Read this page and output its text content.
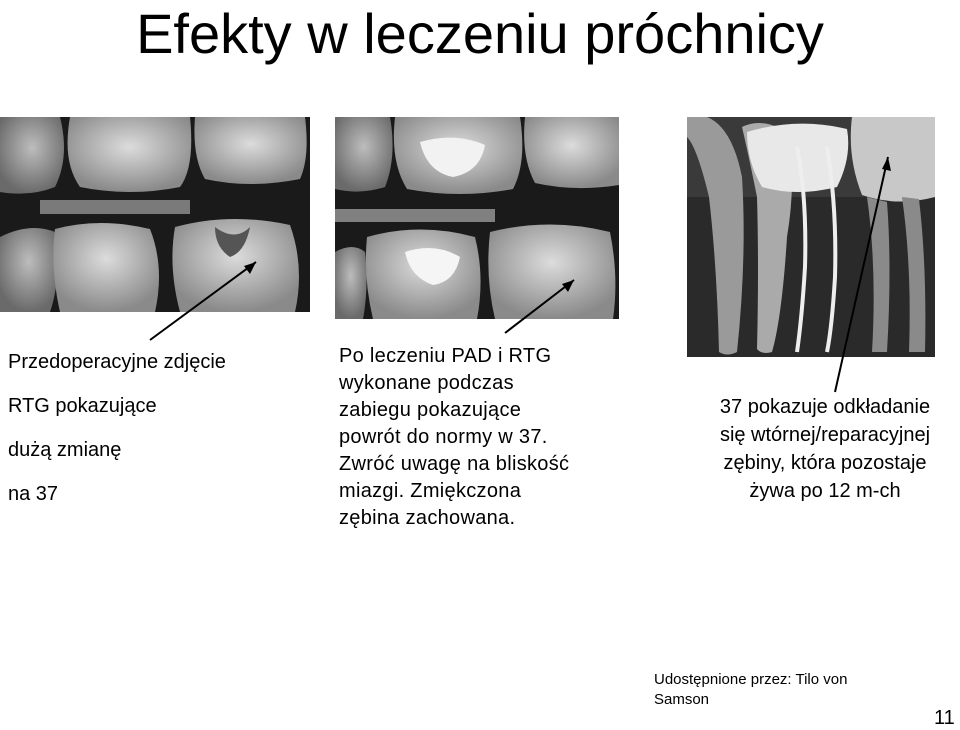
Efekty w leczeniu próchnicy
Przedoperacyjne zdjęcie
RTG pokazujące
dużą zmianę
na 37
Po leczeniu PAD i RTG
wykonane podczas
zabiegu pokazujące
powrót do normy w 37.
Zwróć uwagę na bliskość
miazgi. Zmiękczona
zębina zachowana.
37 pokazuje odkładanie
się wtórnej/reparacyjnej
zębiny, która pozostaje
żywa po 12 m-ch
Udostępnione przez: Tilo von
Samson
11
